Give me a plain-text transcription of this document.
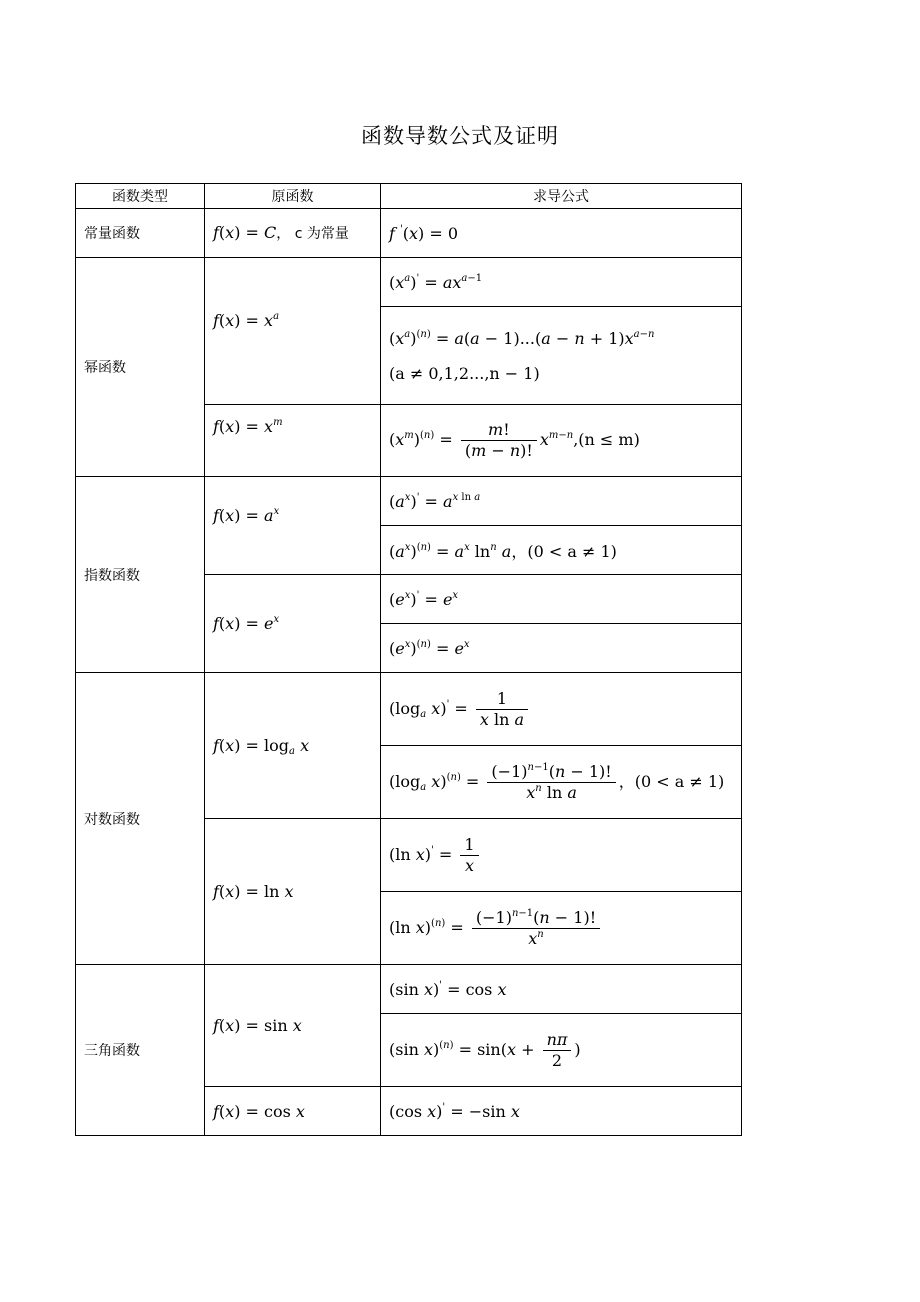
函数导数公式及证明
函数类型	原函数	求导公式
常量函数	f(x) = C， c 为常量	f '(x) = 0
幂函数	$f(x) = x^a$	$(x^a)' = ax^{a-1}$
		$(x^a)^{(n)} = a(a - 1)...(a - n + 1)x^{a-n}$
(a ≠ 0,1,2...,n − 1)
	$f(x) = x^m$	$(x^m)^{(n)} = \frac{m!}{(m - n)!} x^{m-n},(n \le m)$
指数函数	$f(x) = a^x$	$(a^x)' = a^{x ln a}$
		$(a^x)^{(n)} = a^x$ $\ln^n a$，(0 < a ≠ 1)
	$f(x) = e^x$	$(e^x)' = e^x$
		$(e^x)^{(n)} = e^x$
对数函数	$f(x) = \log_a x$	($\log_a$ $x)' = \frac{1}{\text{x ln a}}$

		($\log_a$ $x)^{(n)} = \frac{(-1)^{n-1}(n - 1)!}{x^n \ln a}$ ，(0 < a ≠ 1)
	f(x) = ln x	(ln $x)' = \frac{1}{x}$

		(ln $x)^{(n)} = \frac{(-1)^{n-1}(n - 1)!}{x^n}$

三角函数	f(x) = sin x	(sin x)' = cos x
		(sin $x)^{(n)} = \sin(x + \frac{n\pi}{2}$ )
	f(x) = cos x	(cos x)' = −sin x
